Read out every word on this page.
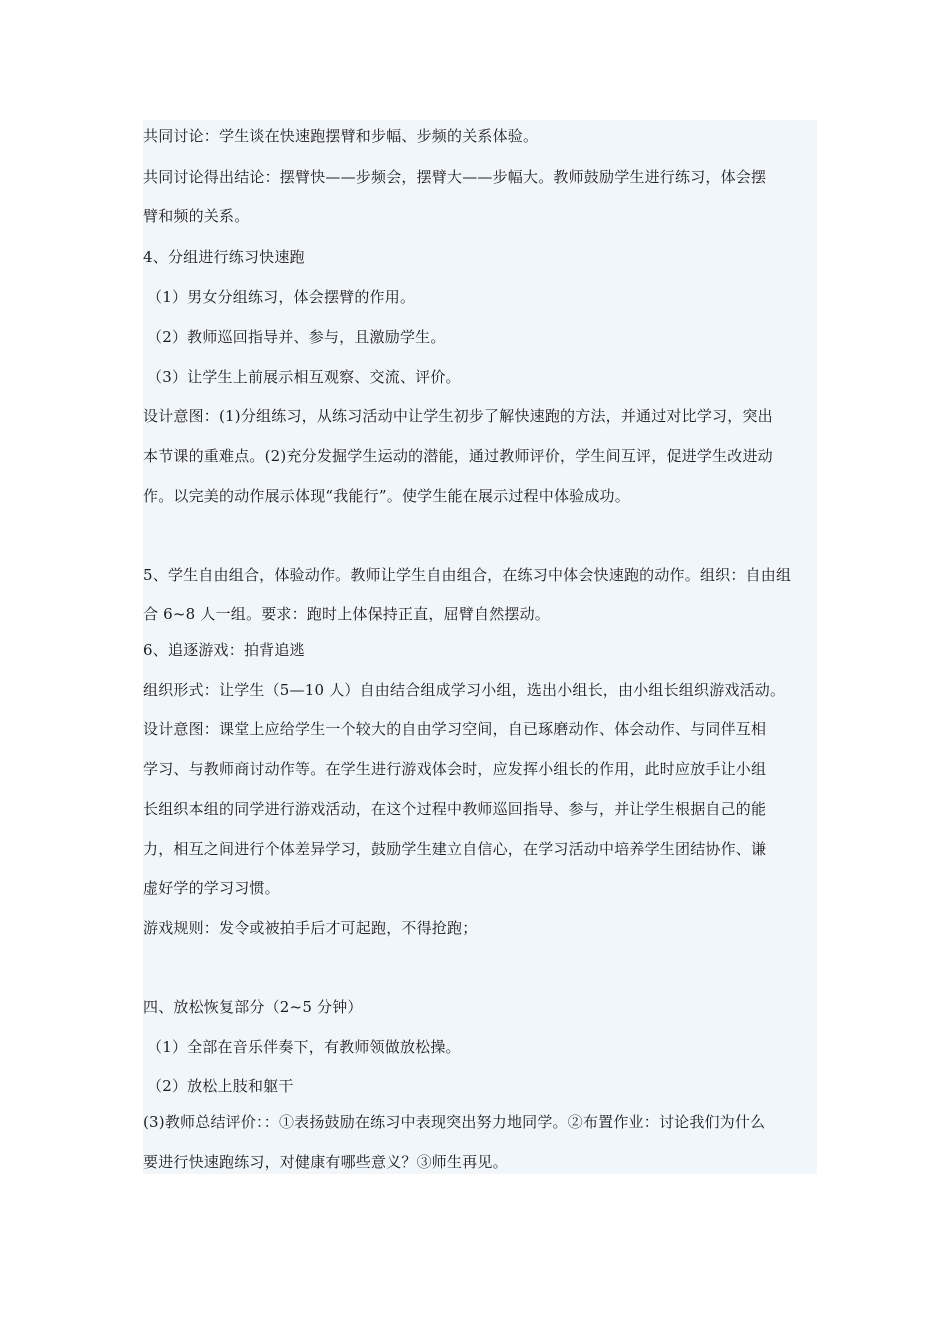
共同讨论：学生谈在快速跑摆臂和步幅、步频的关系体验。
共同讨论得出结论：摆臂快——步频会，摆臂大——步幅大。教师鼓励学生进行练习，体会摆
臂和频的关系。
4、分组进行练习快速跑
（1）男女分组练习，体会摆臂的作用。
（2）教师巡回指导并、参与，且激励学生。
（3）让学生上前展示相互观察、交流、评价。
设计意图：(1)分组练习，从练习活动中让学生初步了解快速跑的方法，并通过对比学习，突出
本节课的重难点。(2)充分发掘学生运动的潜能，通过教师评价，学生间互评，促进学生改进动
作。以完美的动作展示体现“我能行”。使学生能在展示过程中体验成功。
5、学生自由组合，体验动作。教师让学生自由组合，在练习中体会快速跑的动作。组织：自由组
合 6~8 人一组。要求：跑时上体保持正直，屈臂自然摆动。
6、追逐游戏：拍背追逃
组织形式：让学生（5—10 人）自由结合组成学习小组，选出小组长，由小组长组织游戏活动。
设计意图：课堂上应给学生一个较大的自由学习空间，自已琢磨动作、体会动作、与同伴互相
学习、与教师商讨动作等。在学生进行游戏体会时，应发挥小组长的作用，此时应放手让小组
长组织本组的同学进行游戏活动，在这个过程中教师巡回指导、参与，并让学生根据自己的能
力，相互之间进行个体差异学习，鼓励学生建立自信心，在学习活动中培养学生团结协作、谦
虚好学的学习习惯。
游戏规则：发令或被拍手后才可起跑，不得抢跑；
四、放松恢复部分（2~5 分钟）
（1）全部在音乐伴奏下，有教师领做放松操。
（2）放松上肢和躯干
(3)教师总结评价：：①表扬鼓励在练习中表现突出努力地同学。②布置作业：讨论我们为什么
要进行快速跑练习，对健康有哪些意义？③师生再见。
